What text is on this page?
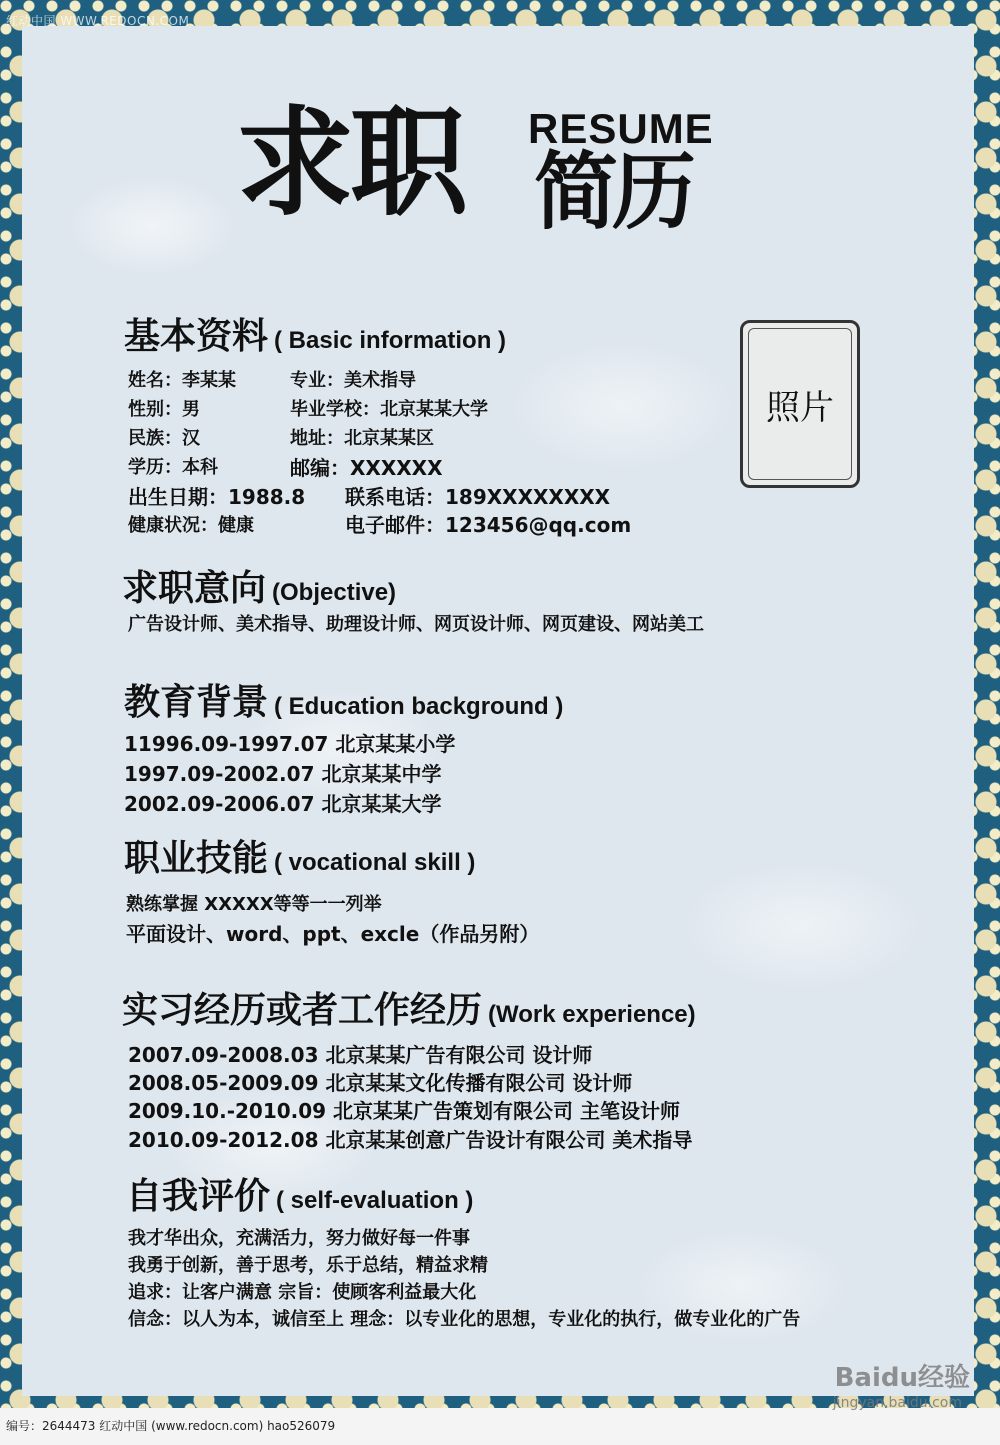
红动中国 WWW.REDOCN.COM
求职 RESUME
简历
照片
基本资料 ( Basic information )
姓名：李某某
性别：男
民族：汉
学历：本科
出生日期：1988.8
健康状况：健康
专业：美术指导
毕业学校：北京某某大学
地址：北京某某区
邮编：XXXXXX
联系电话：189XXXXXXXX
电子邮件：123456@qq.com
求职意向 (Objective)
广告设计师、美术指导、助理设计师、网页设计师、网页建设、网站美工
教育背景 ( Education background )
11996.09-1997.07 北京某某小学
1997.09-2002.07 北京某某中学
2002.09-2006.07 北京某某大学
职业技能 ( vocational skill )
熟练掌握 XXXXX等等一一列举
平面设计、word、ppt、excle（作品另附）
实习经历或者工作经历 (Work experience)
2007.09-2008.03 北京某某广告有限公司 设计师
2008.05-2009.09 北京某某文化传播有限公司 设计师
2009.10.-2010.09 北京某某广告策划有限公司 主笔设计师
2010.09-2012.08 北京某某创意广告设计有限公司 美术指导
自我评价 ( self-evaluation )
我才华出众，充满活力，努力做好每一件事
我勇于创新，善于思考，乐于总结，精益求精
追求：让客户满意 宗旨：使顾客利益最大化
信念：以人为本，诚信至上 理念：以专业化的思想，专业化的执行，做专业化的广告
Baidu经验
编号：2644473 红动中国 (www.redocn.com) hao526079
jingyan.baidu.com
